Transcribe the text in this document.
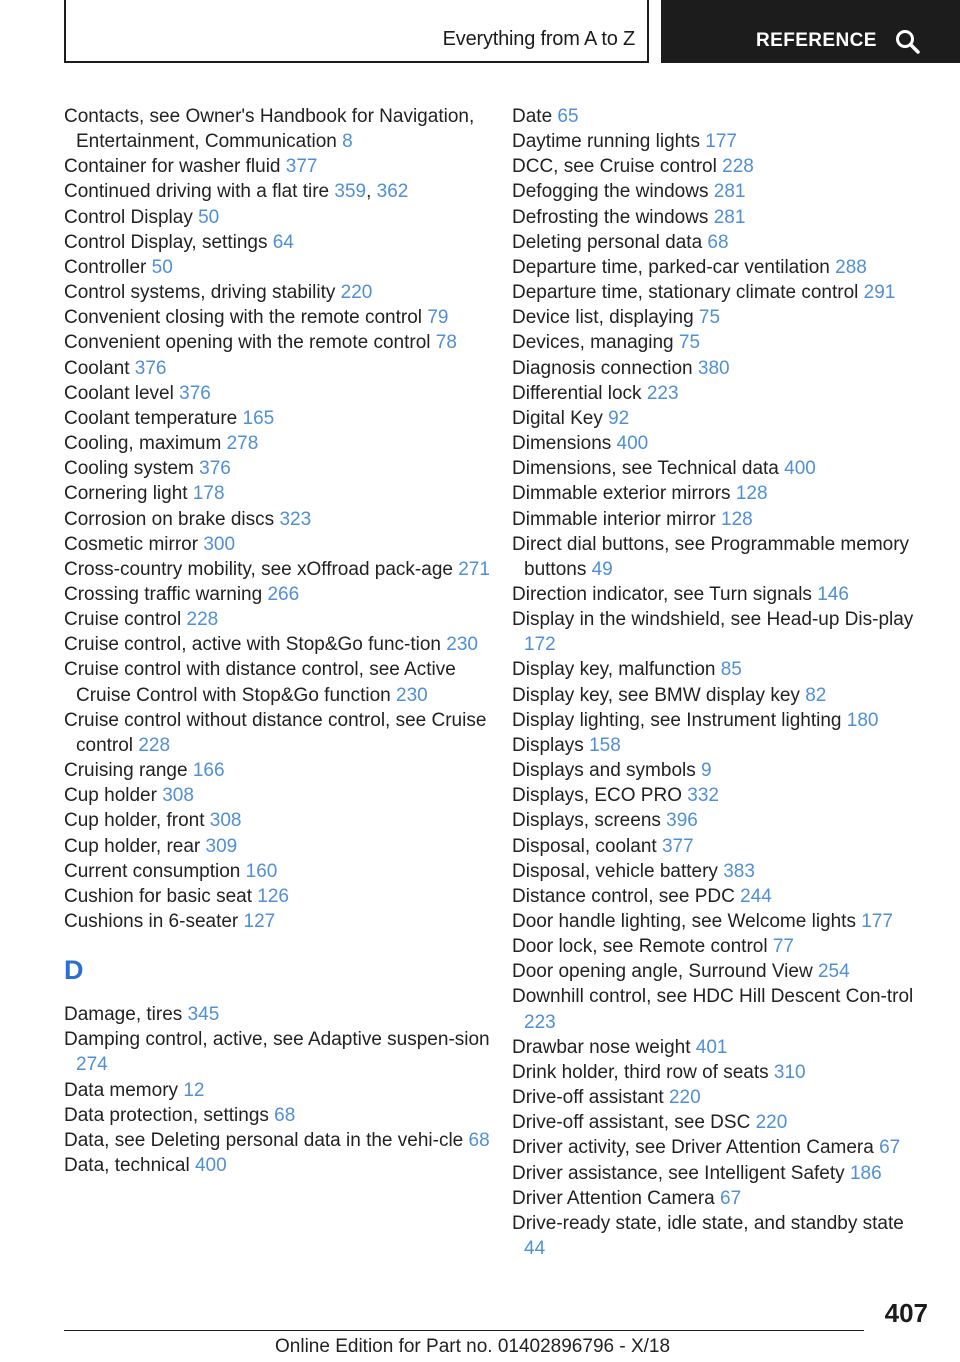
Everything from A to Z	REFERENCE

Contacts, see Owner's Handbook for Navigation, Entertainment, Communication 8

Container for washer fluid 377

Continued driving with a flat tire 359, 362

Control Display 50

Control Display, settings 64

Controller 50

Control systems, driving stability 220

Convenient closing with the remote control 79

Convenient opening with the remote control 78

Coolant 376

Coolant level 376

Coolant temperature 165

Cooling, maximum 278

Cooling system 376

Cornering light 178

Corrosion on brake discs 323

Cosmetic mirror 300

Cross-country mobility, see xOffroad pack-age 271

Crossing traffic warning 266

Cruise control 228

Cruise control, active with Stop&Go func-tion 230

Cruise control with distance control, see Active Cruise Control with Stop&Go function 230

Cruise control without distance control, see Cruise control 228

Cruising range 166

Cup holder 308

Cup holder, front 308

Cup holder, rear 309

Current consumption 160

Cushion for basic seat 126

Cushions in 6-seater 127

D

Damage, tires 345

Damping control, active, see Adaptive suspen-sion 274

Data memory 12

Data protection, settings 68

Data, see Deleting personal data in the vehi-cle 68

Data, technical 400

Date 65

Daytime running lights 177

DCC, see Cruise control 228

Defogging the windows 281

Defrosting the windows 281

Deleting personal data 68

Departure time, parked-car ventilation 288

Departure time, stationary climate control 291

Device list, displaying 75

Devices, managing 75

Diagnosis connection 380

Differential lock 223

Digital Key 92

Dimensions 400

Dimensions, see Technical data 400

Dimmable exterior mirrors 128

Dimmable interior mirror 128

Direct dial buttons, see Programmable memory buttons 49

Direction indicator, see Turn signals 146

Display in the windshield, see Head-up Dis-play 172

Display key, malfunction 85

Display key, see BMW display key 82

Display lighting, see Instrument lighting 180

Displays 158

Displays and symbols 9

Displays, ECO PRO 332

Displays, screens 396

Disposal, coolant 377

Disposal, vehicle battery 383

Distance control, see PDC 244

Door handle lighting, see Welcome lights 177

Door lock, see Remote control 77

Door opening angle, Surround View 254

Downhill control, see HDC Hill Descent Con-trol 223

Drawbar nose weight 401

Drink holder, third row of seats 310

Drive-off assistant 220

Drive-off assistant, see DSC 220

Driver activity, see Driver Attention Camera 67

Driver assistance, see Intelligent Safety 186

Driver Attention Camera 67

Drive-ready state, idle state, and standby state 44

407
Online Edition for Part no. 01402896796 - X/18
